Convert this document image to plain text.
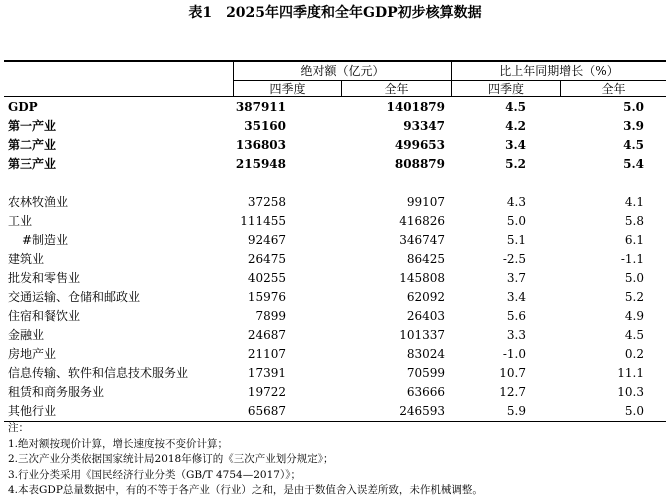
表1　2025年四季度和全年GDP初步核算数据
绝对额（亿元）	比上年同期增长（%）
四季度	全年	四季度	全年
GDP	387911	1401879	4.5	5.0
第一产业	35160	93347	4.2	3.9
第二产业	136803	499653	3.4	4.5
第三产业	215948	808879	5.2	5.4
农林牧渔业	37258	99107	4.3	4.1
工业	111455	416826	5.0	5.8
#制造业	92467	346747	5.1	6.1
建筑业	26475	86425	-2.5	-1.1
批发和零售业	40255	145808	3.7	5.0
交通运输、仓储和邮政业	15976	62092	3.4	5.2
住宿和餐饮业	7899	26403	5.6	4.9
金融业	24687	101337	3.3	4.5
房地产业	21107	83024	-1.0	0.2
信息传输、软件和信息技术服务业	17391	70599	10.7	11.1
租赁和商务服务业	19722	63666	12.7	10.3
其他行业	65687	246593	5.9	5.0
注：
1.绝对额按现价计算，增长速度按不变价计算；
2.三次产业分类依据国家统计局2018年修订的《三次产业划分规定》；
3.行业分类采用《国民经济行业分类（GB/T 4754—2017）》；
4.本表GDP总量数据中，有的不等于各产业（行业）之和，是由于数值舍入误差所致，未作机械调整。
